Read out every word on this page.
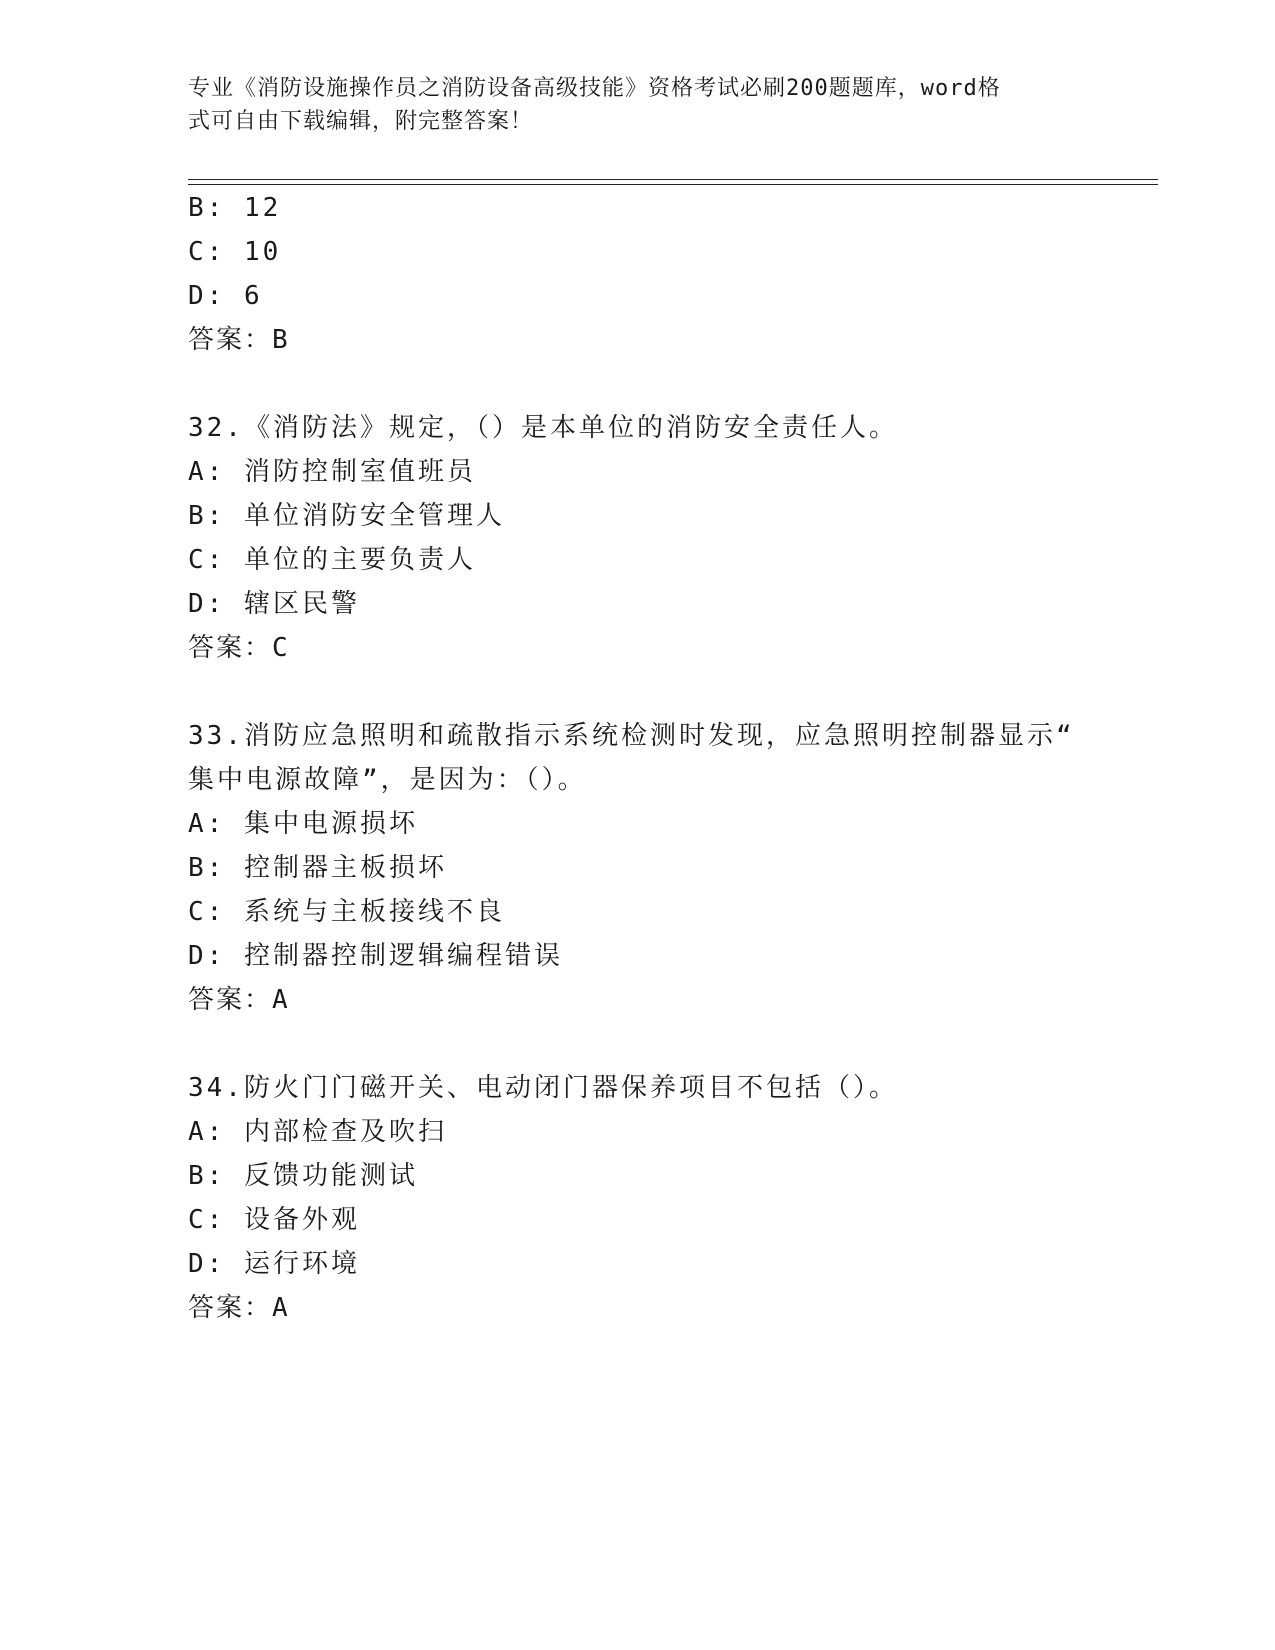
专业《消防设施操作员之消防设备高级技能》资格考试必刷200题题库，word格
式可自由下载编辑，附完整答案！
B: 12
C: 10
D: 6
答案：B
32.《消防法》规定，（）是本单位的消防安全责任人。
A: 消防控制室值班员
B: 单位消防安全管理人
C: 单位的主要负责人
D: 辖区民警
答案：C
33.消防应急照明和疏散指示系统检测时发现，应急照明控制器显示“
集中电源故障”，是因为：（）。
A: 集中电源损坏
B: 控制器主板损坏
C: 系统与主板接线不良
D: 控制器控制逻辑编程错误
答案：A
34.防火门门磁开关、电动闭门器保养项目不包括（）。
A: 内部检查及吹扫
B: 反馈功能测试
C: 设备外观
D: 运行环境
答案：A
